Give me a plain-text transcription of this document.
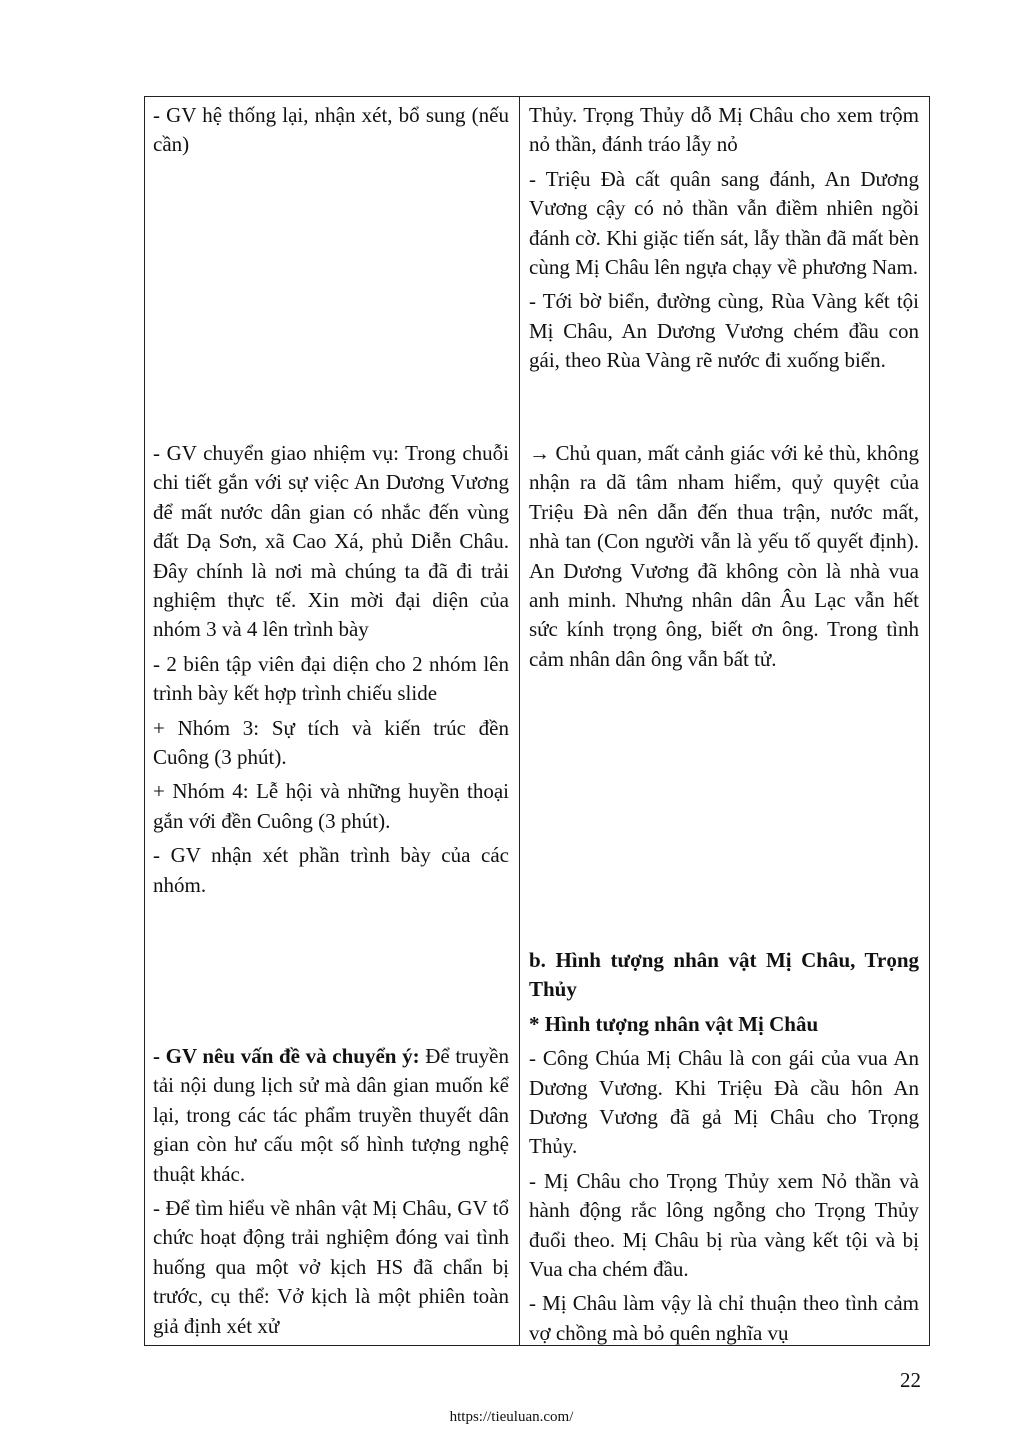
- GV hệ thống lại, nhận xét, bổ sung (nếu cần)

- GV chuyển giao nhiệm vụ: Trong chuỗi chi tiết gắn với sự việc An Dương Vương để mất nước dân gian có nhắc đến vùng đất Dạ Sơn, xã Cao Xá, phủ Diễn Châu. Đây chính là nơi mà chúng ta đã đi trải nghiệm thực tế. Xin mời đại diện của nhóm 3 và 4 lên trình bày

- 2 biên tập viên đại diện cho 2 nhóm lên trình bày kết hợp trình chiếu slide

+ Nhóm 3: Sự tích và kiến trúc đền Cuông (3 phút).

+ Nhóm 4: Lễ hội và những huyền thoại gắn với đền Cuông (3 phút).

- GV nhận xét phần trình bày của các nhóm.

- GV nêu vấn đề và chuyển ý: Để truyền tải nội dung lịch sử mà dân gian muốn kể lại, trong các tác phẩm truyền thuyết dân gian còn hư cấu một số hình tượng nghệ thuật khác.

- Để tìm hiểu về nhân vật Mị Châu, GV tổ chức hoạt động trải nghiệm đóng vai tình huống qua một vở kịch HS đã chẩn bị trước, cụ thể: Vở kịch là một phiên toàn giả định xét xử

Thủy. Trọng Thủy dỗ Mị Châu cho xem trộm nỏ thần, đánh tráo lẫy nỏ

- Triệu Đà cất quân sang đánh, An Dương Vương cậy có nỏ thần vẫn điềm nhiên ngồi đánh cờ. Khi giặc tiến sát, lẫy thần đã mất bèn cùng Mị Châu lên ngựa chạy về phương Nam.

- Tới bờ biển, đường cùng, Rùa Vàng kết tội Mị Châu, An Dương Vương chém đầu con gái, theo Rùa Vàng rẽ nước đi xuống biển.

→ Chủ quan, mất cảnh giác với kẻ thù, không nhận ra dã tâm nham hiểm, quỷ quyệt của Triệu Đà nên dẫn đến thua trận, nước mất, nhà tan (Con người vẫn là yếu tố quyết định). An Dương Vương đã không còn là nhà vua anh minh. Nhưng nhân dân Âu Lạc vẫn hết sức kính trọng ông, biết ơn ông. Trong tình cảm nhân dân ông vẫn bất tử.

b. Hình tượng nhân vật Mị Châu, Trọng Thủy

* Hình tượng nhân vật Mị Châu

- Công Chúa Mị Châu là con gái của vua An Dương Vương. Khi Triệu Đà cầu hôn An Dương Vương đã gả Mị Châu cho Trọng Thủy.

- Mị Châu cho Trọng Thủy xem Nỏ thần và hành động rắc lông ngỗng cho Trọng Thủy đuổi theo. Mị Châu bị rùa vàng kết tội và bị Vua cha chém đầu.

- Mị Châu làm vậy là chỉ thuận theo tình cảm vợ chồng mà bỏ quên nghĩa vụ

22
https://tieuluan.com/
